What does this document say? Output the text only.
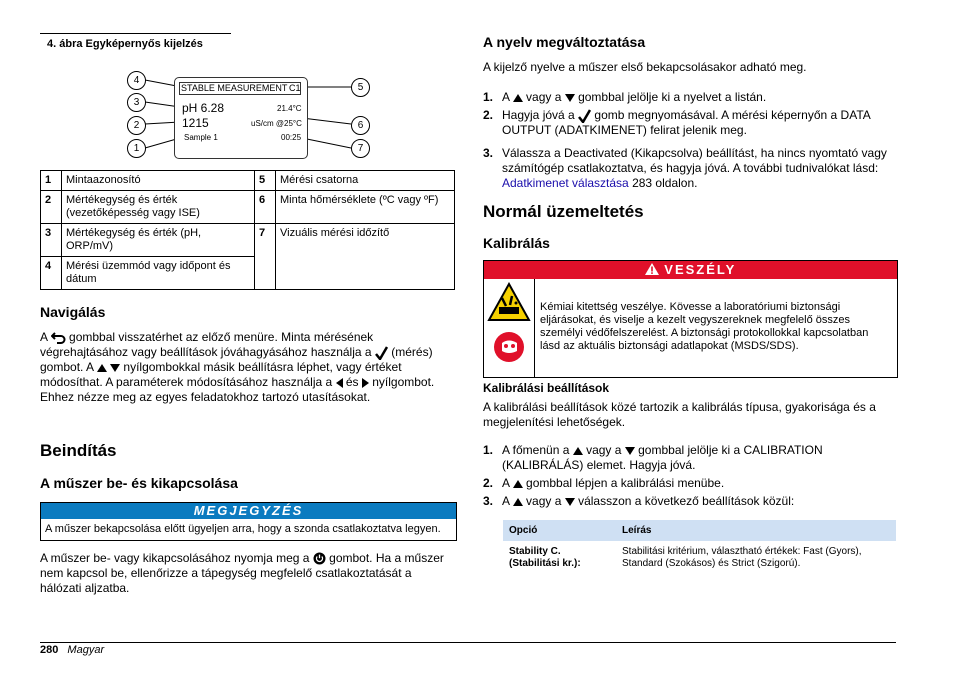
4. ábra Egyképernyős kijelzés
4
3
2
1
5
6
7
STABLE MEASUREMENT C1
pH 6.28	21.4°C
1215	uS/cm @25°C
Sample 1	00:25
1	Mintaazonosító	5	Mérési csatorna
2	Mértékegység és érték (vezetőképesség vagy ISE)	6	Minta hőmérséklete (ºC vagy ºF)
3	Mértékegység és érték (pH, ORP/mV)	7	Vizuális mérési időzítő
4	Mérési üzemmód vagy időpont és dátum		
Navigálás

A gombbal visszatérhet az előző menüre. Minta mérésének végrehajtásához vagy beállítások jóváhagyásához használja a (mérés) gombot. A	nyílgombokkal másik beállításra léphet, vagy értéket módosíthat. A paraméterek módosításához használja a és nyílgombot. Ehhez nézze meg az egyes feladatokhoz tartozó utasításokat.

Beindítás
A műszer be- és kikapcsolása
MEGJEGYZÉS
A műszer bekapcsolása előtt ügyeljen arra, hogy a szonda csatlakoztatva legyen.

A műszer be- vagy kikapcsolásához nyomja meg a gombot. Ha a műszer nem kapcsol be, ellenőrizze a tápegység megfelelő csatlakoztatását a hálózati aljzatba.

A nyelv megváltoztatása

A kijelző nyelve a műszer első bekapcsolásakor adható meg.

1. A vagy a gombbal jelölje ki a nyelvet a listán.
2. Hagyja jóvá a gomb megnyomásával. A mérési képernyőn a DATA OUTPUT (ADATKIMENET) felirat jelenik meg.
3. Válassza a Deactivated (Kikapcsolva) beállítást, ha nincs nyomtató vagy számítógép csatlakoztatva, és hagyja jóvá. A további tudnivalókat lásd: Adatkimenet választása 283 oldalon.
Normál üzemeltetés
Kalibrálás
VESZÉLY
Kémiai kitettség veszélye. Kövesse a laboratóriumi biztonsági eljárásokat, és viselje a kezelt vegyszereknek megfelelő összes személyi védőfelszerelést. A biztonsági protokollokkal kapcsolatban lásd az aktuális biztonsági adatlapokat (MSDS/SDS).
Kalibrálási beállítások

A kalibrálási beállítások közé tartozik a kalibrálás típusa, gyakorisága és a megjelenítési lehetőségek.

1. A főmenün a vagy a gombbal jelölje ki a CALIBRATION (KALIBRÁLÁS) elemet. Hagyja jóvá.
2. A gombbal lépjen a kalibrálási menübe.
3. A vagy a válasszon a következő beállítások közül:
Opció	Leírás
Stability C. (Stabilitási kr.):	Stabilitási kritérium, választható értékek: Fast (Gyors), Standard (Szokásos) és Strict (Szigorú).
280 Magyar
